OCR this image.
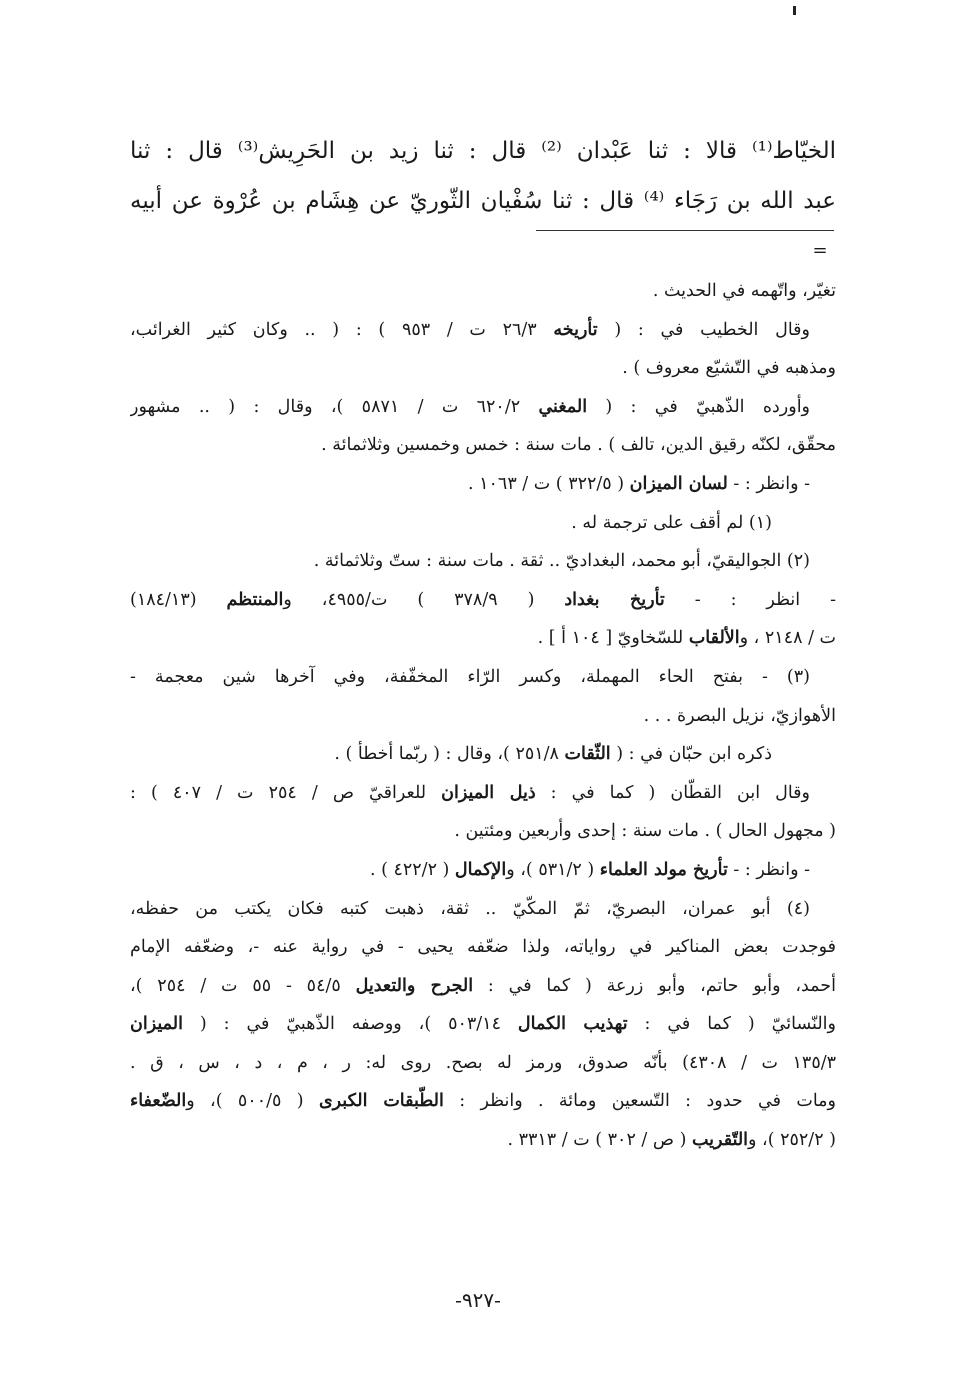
الخيّاط⁽¹⁾ قالا : ثنا عَبْدان ⁽²⁾ قال : ثنا زيد بن الحَرِيش⁽³⁾ قال : ثنا
عبد الله بن رَجَاء ⁽⁴⁾ قال : ثنا سُفْيان الثّوريّ عن هِشَام بن عُرْوة عن أبيه
=
تغيّر، واتّهمه في الحديث .
وقال الخطيب في : ( تأريخه ٢٦/٣ ت / ٩٥٣ ) : ( .. وكان كثير الغرائب،
ومذهبه في التّشيّع معروف ) .
وأورده الذّهبيّ في : ( المغني ٦٢٠/٢ ت / ٥٨٧١ )، وقال : ( .. مشهور
محقّق، لكنّه رقيق الدين، تالف ) . مات سنة : خمس وخمسين وثلاثمائة .
- وانظر : - لسان الميزان ( ٣٢٢/٥ ) ت / ١٠٦٣ .
(١) لم أقف على ترجمة له .
(٢) الجواليقيّ، أبو محمد، البغداديّ .. ثقة . مات سنة : ستّ وثلاثمائة .
- انظر : - تأريخ بغداد ( ٣٧٨/٩ ) ت/٤٩٥٥، والمنتظم (١٨٤/١٣)
ت / ٢١٤٨ ، والألقاب للسّخاويّ [ ١٠٤ أ ] .
(٣) - بفتح الحاء المهملة، وكسر الرّاء المخفّفة، وفي آخرها شين معجمة -
الأهوازيّ، نزيل البصرة . . .
ذكره ابن حبّان في : ( الثّقات ٢٥١/٨ )، وقال : ( ربّما أخطأ ) .
وقال ابن القطّان ( كما في : ذيل الميزان للعراقيّ ص / ٢٥٤ ت / ٤٠٧ ) :
( مجهول الحال ) . مات سنة : إحدى وأربعين ومئتين .
- وانظر : - تأريخ مولد العلماء ( ٥٣١/٢ )، والإكمال ( ٤٢٢/٢ ) .
(٤) أبو عمران، البصريّ، ثمّ المكّيّ .. ثقة، ذهبت كتبه فكان يكتب من حفظه،
فوجدت بعض المناكير في رواياته، ولذا ضعّفه يحيى - في رواية عنه -، وضعّفه الإمام
أحمد، وأبو حاتم، وأبو زرعة ( كما في : الجرح والتعديل ٥٤/٥ - ٥٥ ت / ٢٥٤ )،
والنّسائيّ ( كما في : تهذيب الكمال ٥٠٣/١٤ )، ووصفه الذّهبيّ في : ( الميزان
١٣٥/٣ ت / ٤٣٠٨) بأنّه صدوق، ورمز له بصح. روى له: ر ، م ، د ، س ، ق .
ومات في حدود : التّسعين ومائة . وانظر : الطّبقات الكبرى ( ٥٠٠/٥ )، والضّعفاء
( ٢٥٢/٢ )، والتّقريب ( ص / ٣٠٢ ) ت / ٣٣١٣ .
-٩٢٧-
